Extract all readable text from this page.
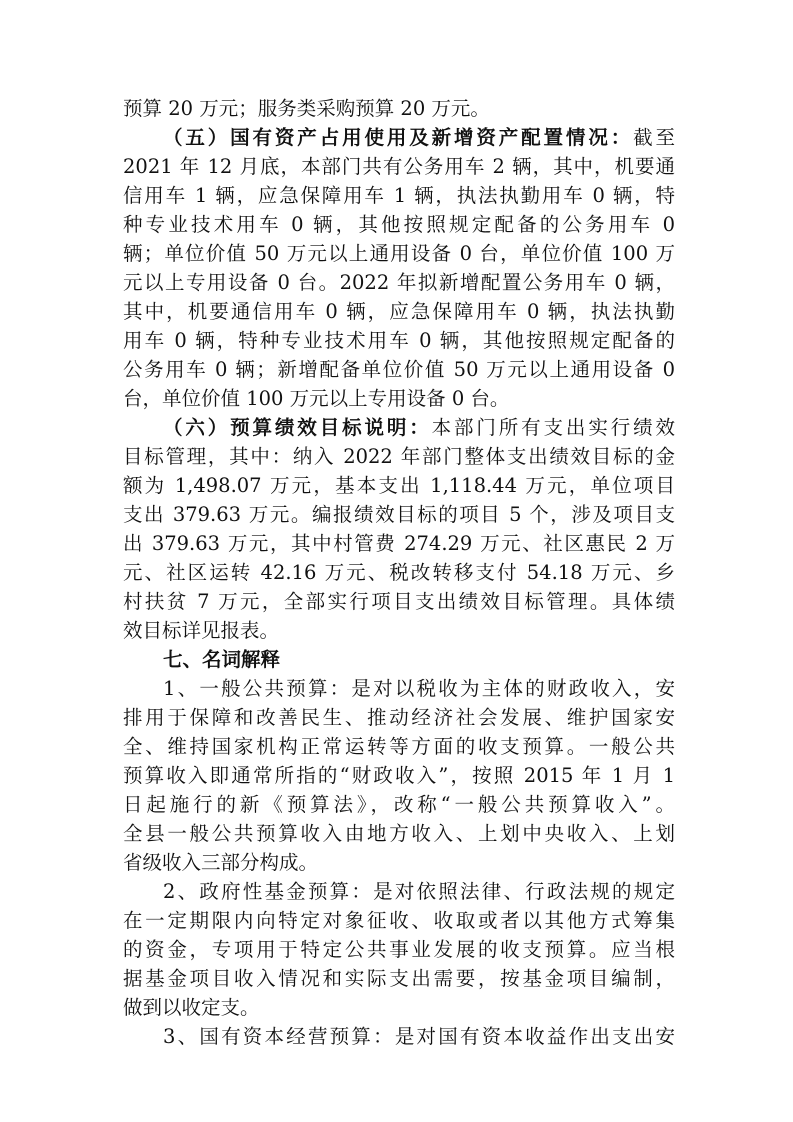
预算 20 万元；服务类采购预算 20 万元。
（五）国有资产占用使用及新增资产配置情况：截至
2021 年 12 月底，本部门共有公务用车 2 辆，其中，机要通
信用车 1 辆，应急保障用车 1 辆，执法执勤用车 0 辆，特
种专业技术用车 0 辆，其他按照规定配备的公务用车 0
辆；单位价值 50 万元以上通用设备 0 台，单位价值 100 万
元以上专用设备 0 台。2022 年拟新增配置公务用车 0 辆，
其中，机要通信用车 0 辆，应急保障用车 0 辆，执法执勤
用车 0 辆，特种专业技术用车 0 辆，其他按照规定配备的
公务用车 0 辆；新增配备单位价值 50 万元以上通用设备 0
台，单位价值 100 万元以上专用设备 0 台。
（六）预算绩效目标说明：本部门所有支出实行绩效
目标管理，其中：纳入 2022 年部门整体支出绩效目标的金
额为 1,498.07 万元，基本支出 1,118.44 万元，单位项目
支出 379.63 万元。编报绩效目标的项目 5 个，涉及项目支
出 379.63 万元，其中村管费 274.29 万元、社区惠民 2 万
元、社区运转 42.16 万元、税改转移支付 54.18 万元、乡
村扶贫 7 万元，全部实行项目支出绩效目标管理。具体绩
效目标详见报表。
七、名词解释
1、一般公共预算：是对以税收为主体的财政收入，安
排用于保障和改善民生、推动经济社会发展、维护国家安
全、维持国家机构正常运转等方面的收支预算。一般公共
预算收入即通常所指的“财政收入”，按照 2015 年 1 月 1
日起施行的新《预算法》，改称“一般公共预算收入”。
全县一般公共预算收入由地方收入、上划中央收入、上划
省级收入三部分构成。
2、政府性基金预算：是对依照法律、行政法规的规定
在一定期限内向特定对象征收、收取或者以其他方式筹集
的资金，专项用于特定公共事业发展的收支预算。应当根
据基金项目收入情况和实际支出需要，按基金项目编制，
做到以收定支。
3、国有资本经营预算：是对国有资本收益作出支出安
